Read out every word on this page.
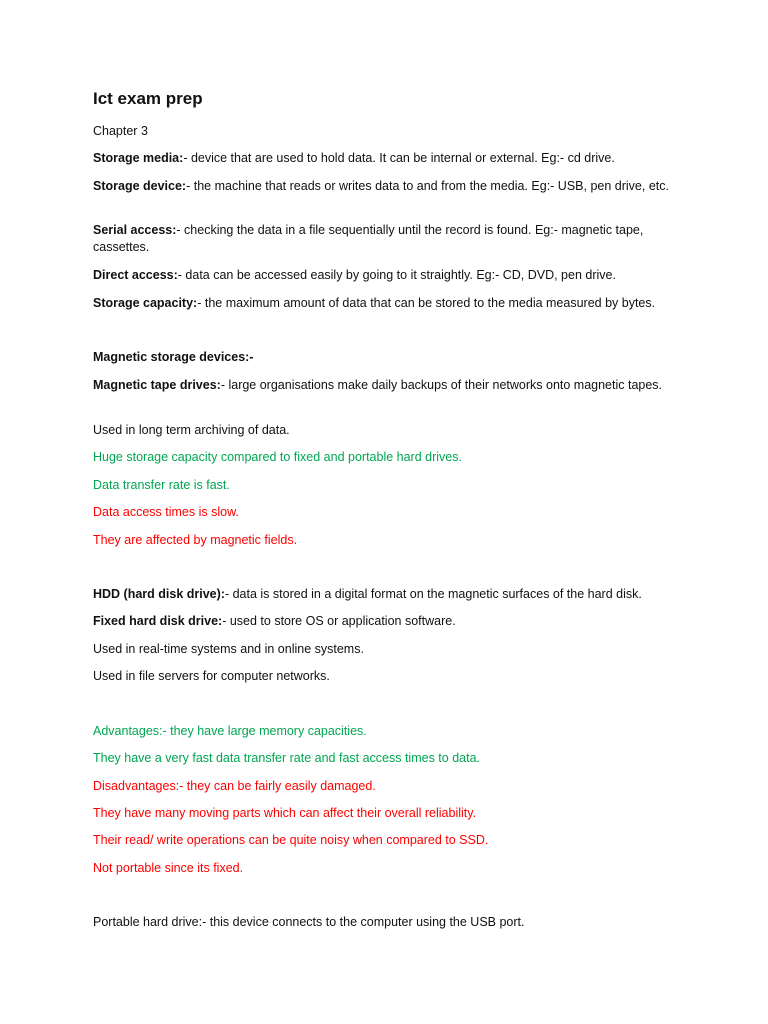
Ict exam prep
Chapter 3
Storage media:- device that are used to hold data. It can be internal or external. Eg:- cd drive.
Storage device:- the machine that reads or writes data to and from the media. Eg:- USB, pen drive, etc.
Serial access:- checking the data in a file sequentially until the record is found. Eg:- magnetic tape, cassettes.
Direct access:- data can be accessed easily by going to it straightly. Eg:- CD, DVD, pen drive.
Storage capacity:- the maximum amount of data that can be stored to the media measured by bytes.
Magnetic storage devices:-
Magnetic tape drives:- large organisations make daily backups of their networks onto magnetic tapes.
Used in long term archiving of data.
Huge storage capacity compared to fixed and portable hard drives.
Data transfer rate is fast.
Data access times is slow.
They are affected by magnetic fields.
HDD (hard disk drive):- data is stored in a digital format on the magnetic surfaces of the hard disk.
Fixed hard disk drive:- used to store OS or application software.
Used in real-time systems and in online systems.
Used in file servers for computer networks.
Advantages:- they have large memory capacities.
They have a very fast data transfer rate and fast access times to data.
Disadvantages:- they can be fairly easily damaged.
They have many moving parts which can affect their overall reliability.
Their read/ write operations can be quite noisy when compared to SSD.
Not portable since its fixed.
Portable hard drive:- this device connects to the computer using the USB port.
